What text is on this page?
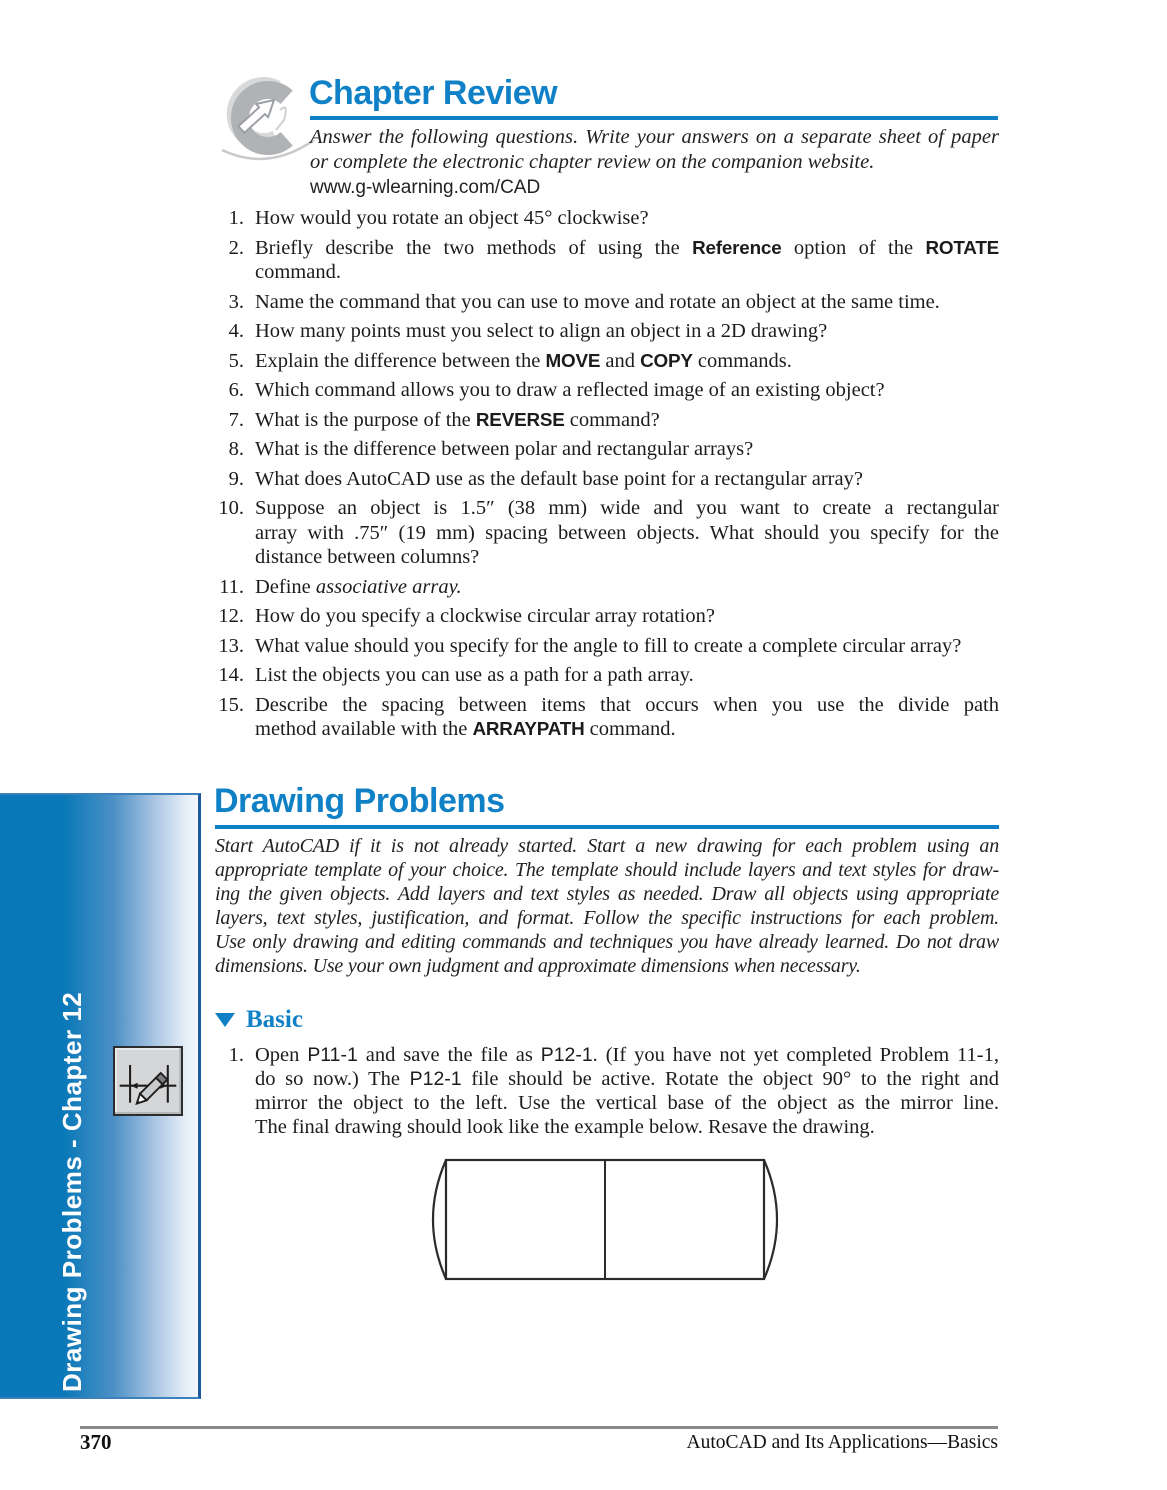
Chapter Review
Answer the following questions. Write your answers on a separate sheet of paper
or complete the electronic chapter review on the companion website.
www.g-wlearning.com/CAD
1. How would you rotate an object 45° clockwise?
2. Briefly describe the two methods of using the Reference option of the ROTATE
command.
3. Name the command that you can use to move and rotate an object at the same time.
4. How many points must you select to align an object in a 2D drawing?
5. Explain the difference between the MOVE and COPY commands.
6. Which command allows you to draw a reflected image of an existing object?
7. What is the purpose of the REVERSE command?
8. What is the difference between polar and rectangular arrays?
9. What does AutoCAD use as the default base point for a rectangular array?
10. Suppose an object is 1.5″ (38 mm) wide and you want to create a rectangular
array with .75″ (19 mm) spacing between objects. What should you specify for the
distance between columns?
11. Define associative array.
12. How do you specify a clockwise circular array rotation?
13. What value should you specify for the angle to fill to create a complete circular array?
14. List the objects you can use as a path for a path array.
15. Describe the spacing between items that occurs when you use the divide path
method available with the ARRAYPATH command.
Drawing Problems - Chapter 12
Drawing Problems
Start AutoCAD if it is not already started. Start a new drawing for each problem using an
appropriate template of your choice. The template should include layers and text styles for draw-
ing the given objects. Add layers and text styles as needed. Draw all objects using appropriate
layers, text styles, justification, and format. Follow the specific instructions for each problem.
Use only drawing and editing commands and techniques you have already learned. Do not draw
dimensions. Use your own judgment and approximate dimensions when necessary.
Basic
1. Open P11-1 and save the file as P12-1. (If you have not yet completed Problem 11-1,
do so now.) The P12-1 file should be active. Rotate the object 90° to the right and
mirror the object to the left. Use the vertical base of the object as the mirror line.
The final drawing should look like the example below. Resave the drawing.
370	AutoCAD and Its Applications—Basics
